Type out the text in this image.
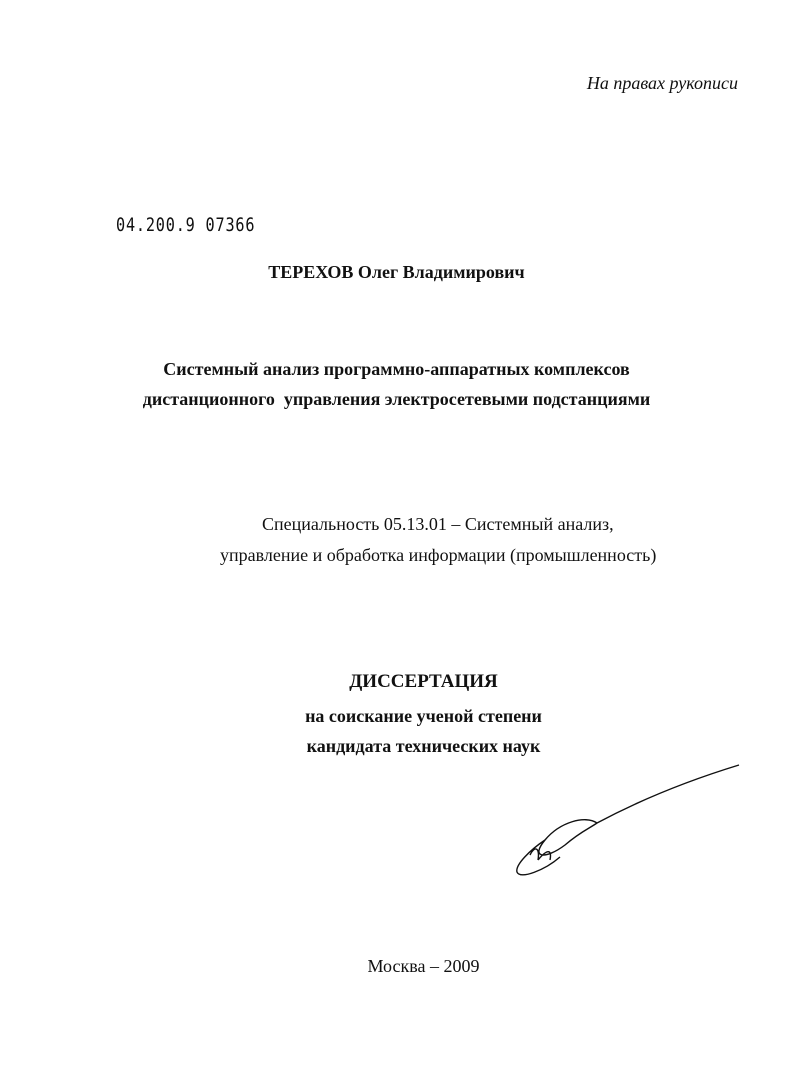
На правах рукописи
04.200.9 07366
ТЕРЕХОВ Олег Владимирович
Системный анализ программно-аппаратных комплексов
дистанционного  управления электросетевыми подстанциями
Специальность 05.13.01 – Системный анализ,
управление и обработка информации (промышленность)
ДИССЕРТАЦИЯ
на соискание ученой степени
кандидата технических наук
Москва – 2009
